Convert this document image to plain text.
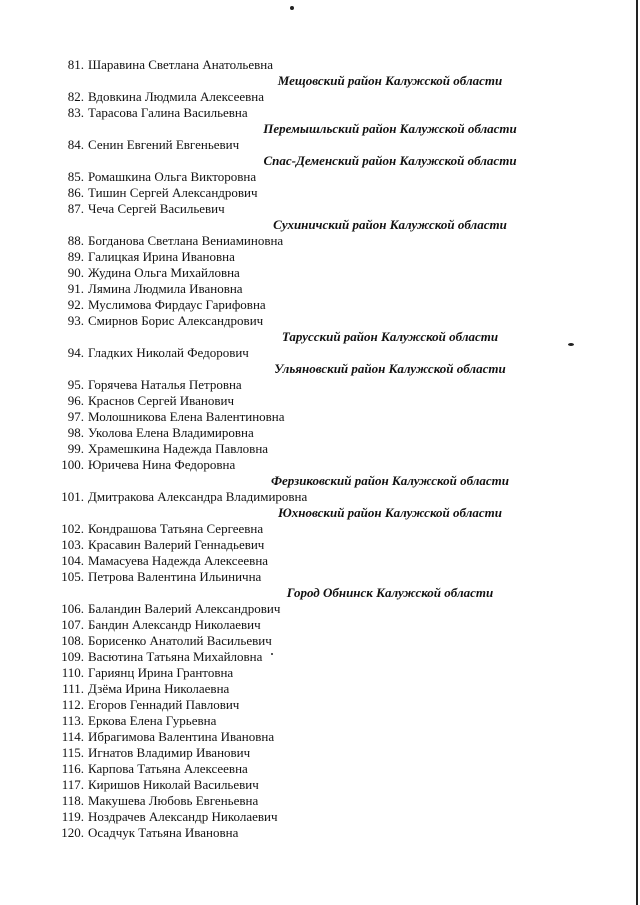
81. Шаравина Светлана Анатольевна
Мещовский район Калужской области
82. Вдовкина Людмила Алексеевна
83. Тарасова Галина Васильевна
Перемышльский район Калужской области
84. Сенин Евгений Евгеньевич
Спас-Деменский район Калужской области
85. Ромашкина Ольга Викторовна
86. Тишин Сергей Александрович
87. Чеча Сергей Васильевич
Сухиничский район Калужской области
88. Богданова Светлана Вениаминовна
89. Галицкая Ирина Ивановна
90. Жудина Ольга Михайловна
91. Лямина Людмила Ивановна
92. Муслимова Фирдаус Гарифовна
93. Смирнов Борис Александрович
Тарусский район Калужской области
94. Гладких Николай Федорович
Ульяновский район Калужской области
95. Горячева Наталья Петровна
96. Краснов Сергей Иванович
97. Молошникова Елена Валентиновна
98. Уколова Елена Владимировна
99. Храмешкина Надежда Павловна
100. Юричева Нина Федоровна
Ферзиковский район Калужской области
101. Дмитракова Александра Владимировна
Юхновский район Калужской области
102. Кондрашова Татьяна Сергеевна
103. Красавин Валерий Геннадьевич
104. Мамасуева Надежда Алексеевна
105. Петрова Валентина Ильинична
Город Обнинск Калужской области
106. Баландин Валерий Александрович
107. Бандин Александр Николаевич
108. Борисенко Анатолий Васильевич
109. Васютина Татьяна Михайловна
110. Гариянц Ирина Грантовна
111. Дзёма Ирина Николаевна
112. Егоров Геннадий Павлович
113. Еркова Елена Гурьевна
114. Ибрагимова Валентина Ивановна
115. Игнатов Владимир Иванович
116. Карпова Татьяна Алексеевна
117. Киришов Николай Васильевич
118. Макушева Любовь Евгеньевна
119. Ноздрачев Александр Николаевич
120. Осадчук Татьяна Ивановна
